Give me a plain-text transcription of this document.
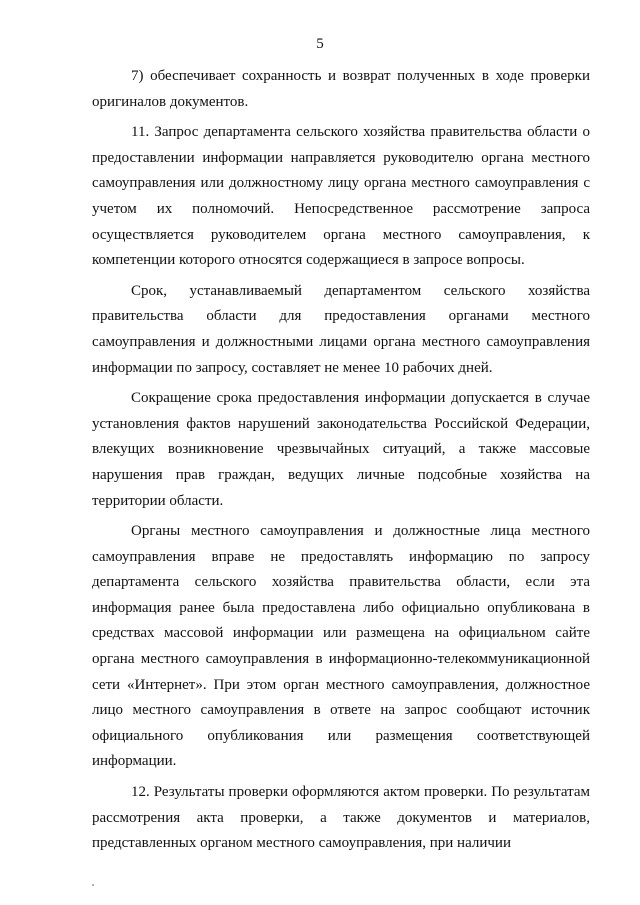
5

7) обеспечивает сохранность и возврат полученных в ходе проверки оригиналов документов.

11. Запрос департамента сельского хозяйства правительства области о предоставлении информации направляется руководителю органа местного самоуправления или должностному лицу органа местного самоуправления с учетом их полномочий. Непосредственное рассмотрение запроса осуществляется руководителем органа местного самоуправления, к компетенции которого относятся содержащиеся в запросе вопросы.

Срок, устанавливаемый департаментом сельского хозяйства правительства области для предоставления органами местного самоуправления и должностными лицами органа местного самоуправления информации по запросу, составляет не менее 10 рабочих дней.

Сокращение срока предоставления информации допускается в случае установления фактов нарушений законодательства Российской Федерации, влекущих возникновение чрезвычайных ситуаций, а также массовые нарушения прав граждан, ведущих личные подсобные хозяйства на территории области.

Органы местного самоуправления и должностные лица местного самоуправления вправе не предоставлять информацию по запросу департамента сельского хозяйства правительства области, если эта информация ранее была предоставлена либо официально опубликована в средствах массовой информации или размещена на официальном сайте органа местного самоуправления в информационно-телекоммуникационной сети «Интернет». При этом орган местного самоуправления, должностное лицо местного самоуправления в ответе на запрос сообщают источник официального опубликования или размещения соответствующей информации.

12. Результаты проверки оформляются актом проверки. По результатам рассмотрения акта проверки, а также документов и материалов, представленных органом местного самоуправления, при наличии
